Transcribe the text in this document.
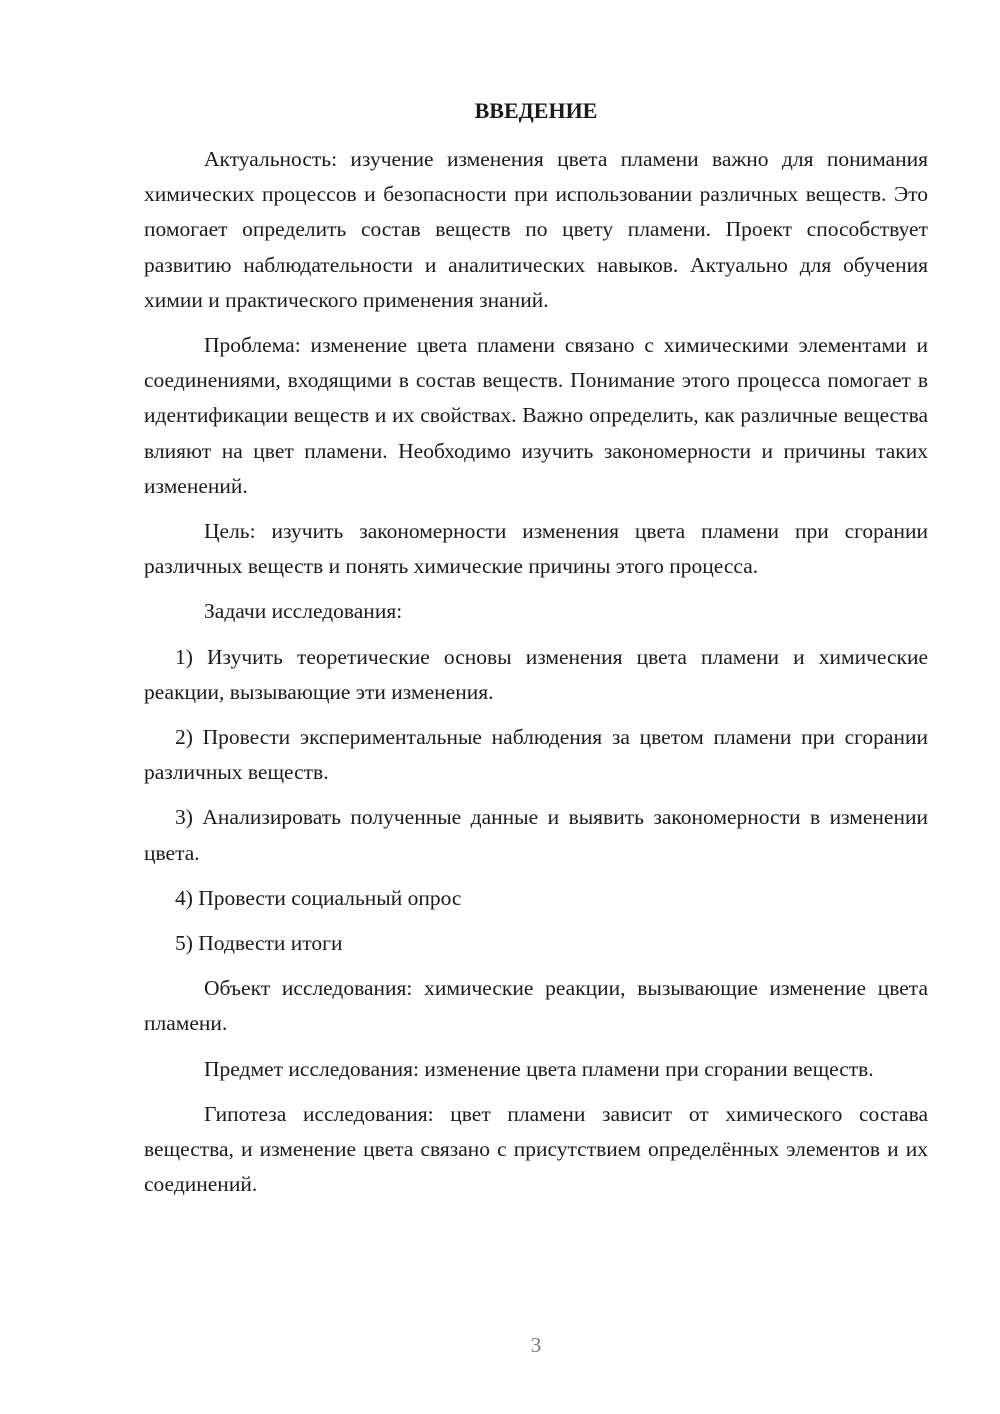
ВВЕДЕНИЕ

Актуальность: изучение изменения цвета пламени важно для понимания химических процессов и безопасности при использовании различных веществ. Это помогает определить состав веществ по цвету пламени. Проект способствует развитию наблюдательности и аналитических навыков. Актуально для обучения химии и практического применения знаний.

Проблема: изменение цвета пламени связано с химическими элементами и соединениями, входящими в состав веществ. Понимание этого процесса помогает в идентификации веществ и их свойствах. Важно определить, как различные вещества влияют на цвет пламени. Необходимо изучить закономерности и причины таких изменений.

Цель: изучить закономерности изменения цвета пламени при сгорании различных веществ и понять химические причины этого процесса.

Задачи исследования:

1) Изучить теоретические основы изменения цвета пламени и химические реакции, вызывающие эти изменения.

2) Провести экспериментальные наблюдения за цветом пламени при сгорании различных веществ.

3) Анализировать полученные данные и выявить закономерности в изменении цвета.

4) Провести социальный опрос

5) Подвести итоги

Объект исследования: химические реакции, вызывающие изменение цвета пламени.

Предмет исследования: изменение цвета пламени при сгорании веществ.

Гипотеза исследования: цвет пламени зависит от химического состава вещества, и изменение цвета связано с присутствием определённых элементов и их соединений.

3
